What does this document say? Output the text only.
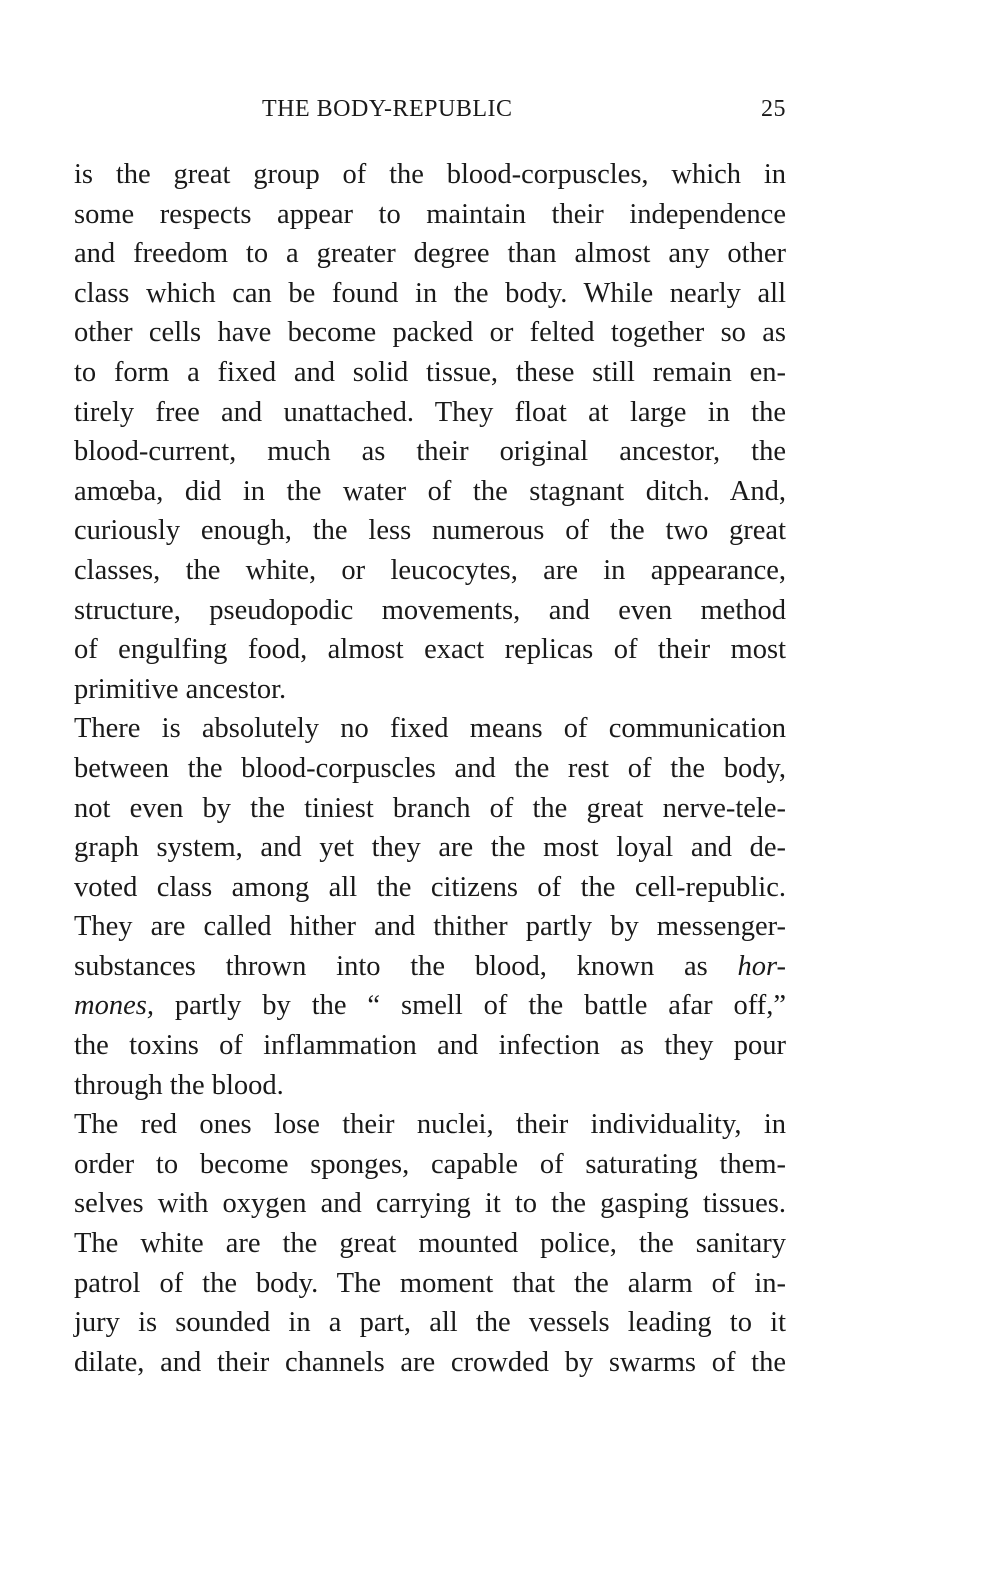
THE BODY-REPUBLIC	25
is the great group of the blood-corpuscles, which in
some respects appear to maintain their independence
and freedom to a greater degree than almost any other
class which can be found in the body. While nearly all
other cells have become packed or felted together so as
to form a fixed and solid tissue, these still remain en-
tirely free and unattached. They float at large in the
blood-current, much as their original ancestor, the
amœba, did in the water of the stagnant ditch. And,
curiously enough, the less numerous of the two great
classes, the white, or leucocytes, are in appearance,
structure, pseudopodic movements, and even method
of engulfing food, almost exact replicas of their most
primitive ancestor.
There is absolutely no fixed means of communication
between the blood-corpuscles and the rest of the body,
not even by the tiniest branch of the great nerve-tele-
graph system, and yet they are the most loyal and de-
voted class among all the citizens of the cell-republic.
They are called hither and thither partly by messenger-
substances thrown into the blood, known as hor-
mones, partly by the “ smell of the battle afar off,”
the toxins of inflammation and infection as they pour
through the blood.
The red ones lose their nuclei, their individuality, in
order to become sponges, capable of saturating them-
selves with oxygen and carrying it to the gasping tissues.
The white are the great mounted police, the sanitary
patrol of the body. The moment that the alarm of in-
jury is sounded in a part, all the vessels leading to it
dilate, and their channels are crowded by swarms of the
